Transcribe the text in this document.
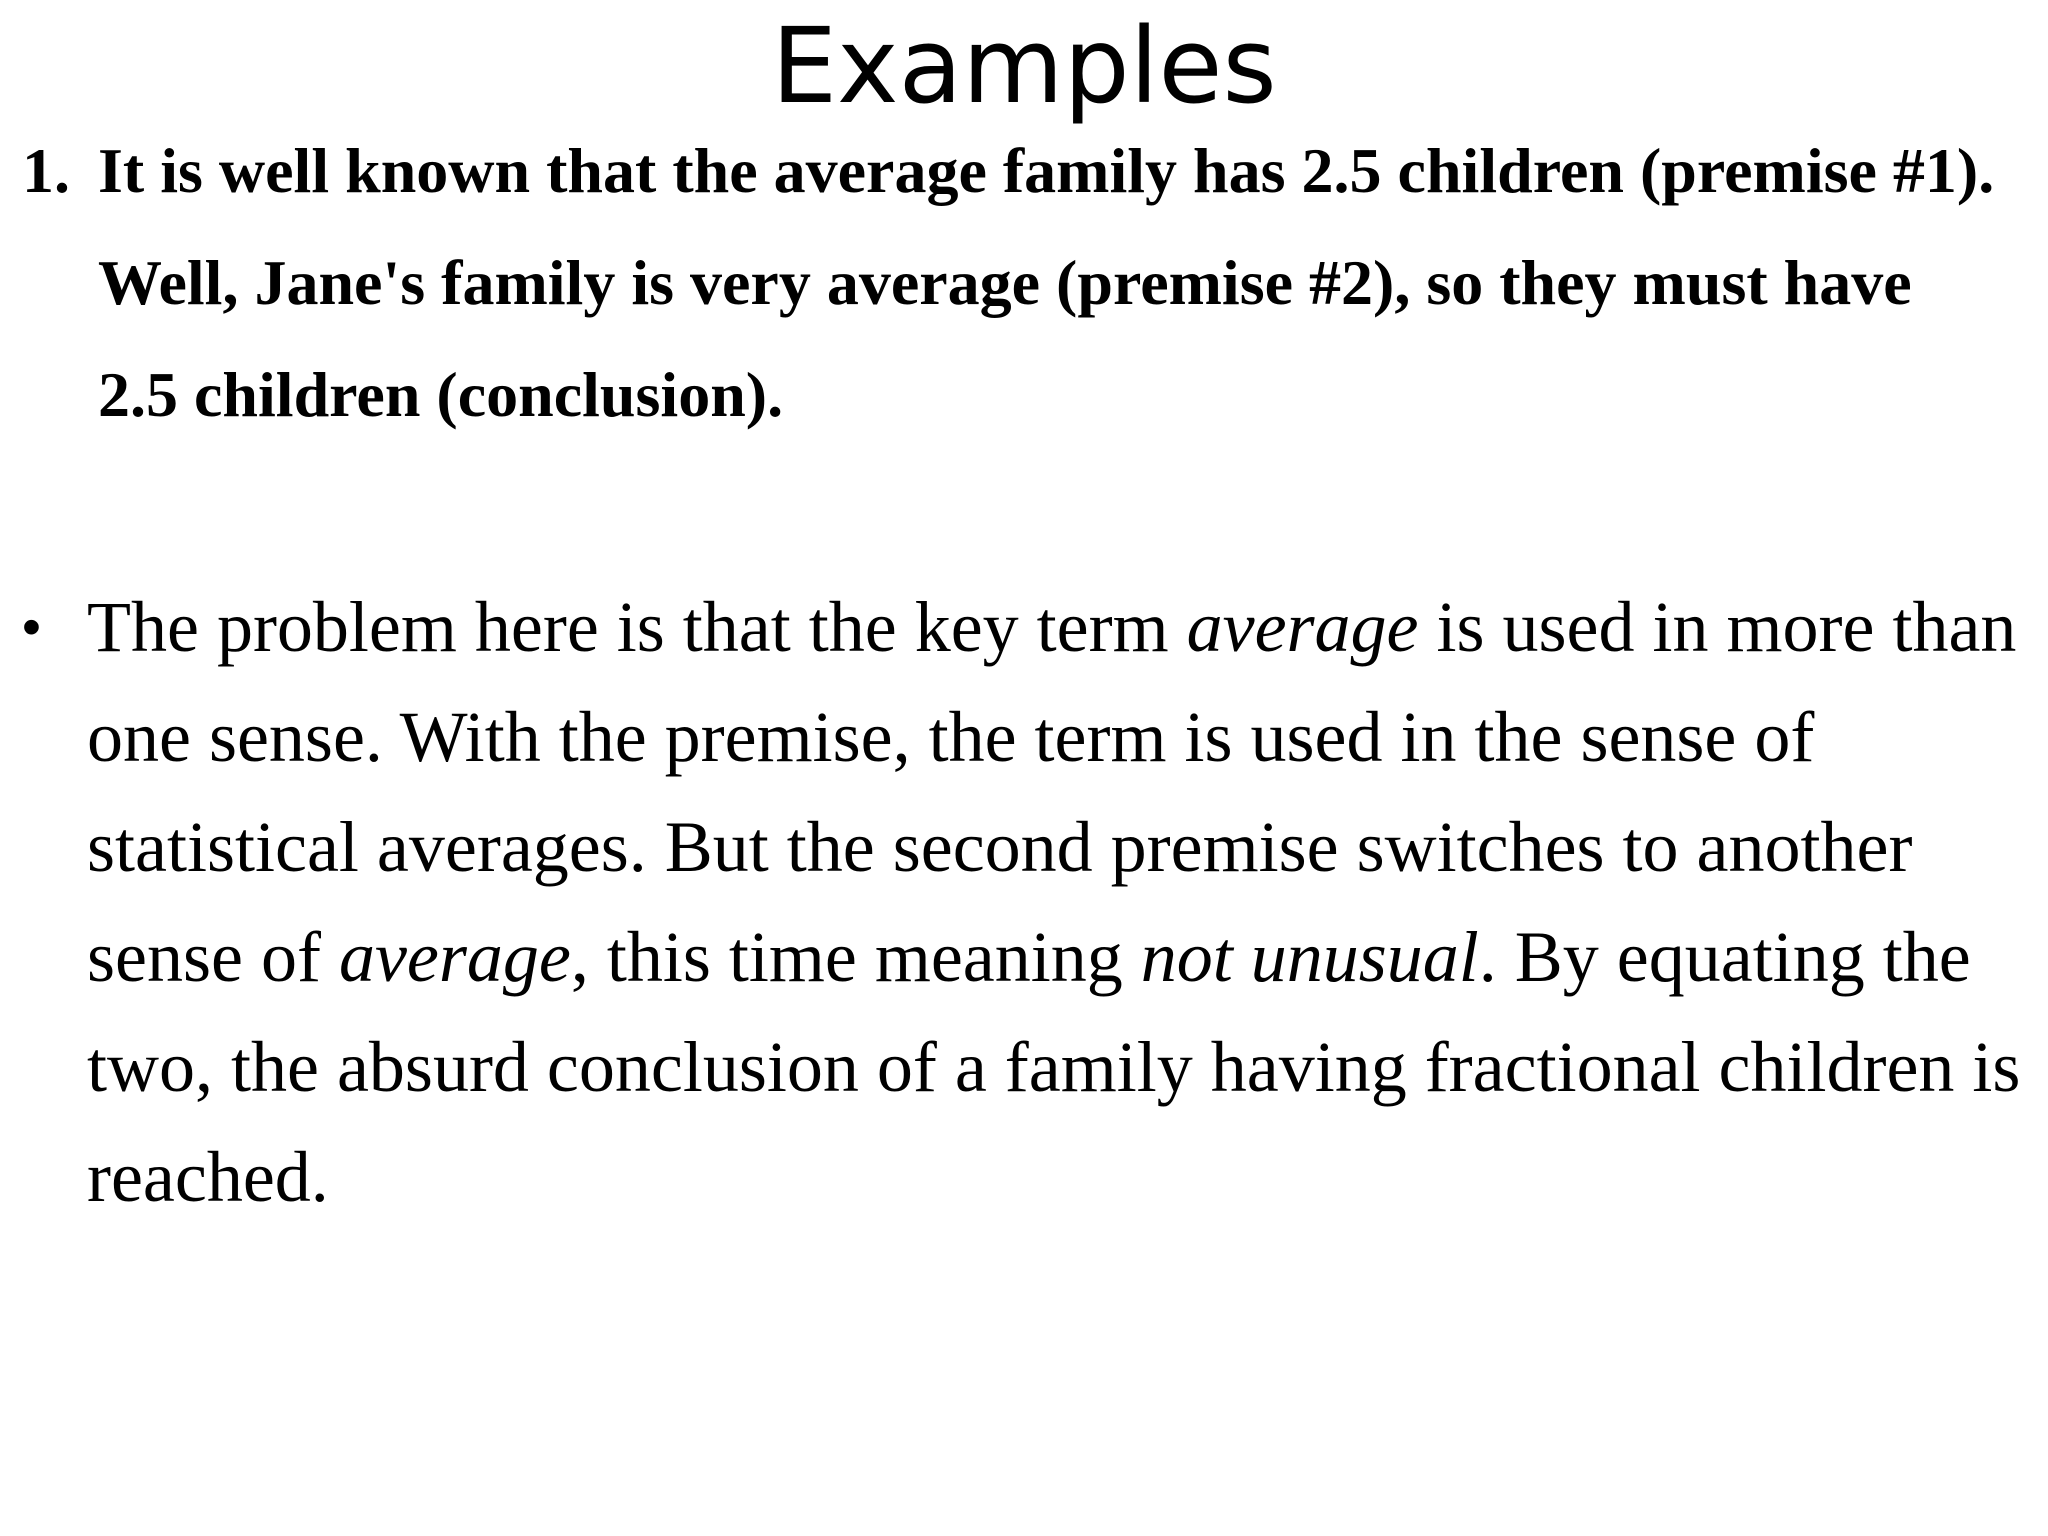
Examples
1. It is well known that the average family has 2.5 children (premise #1). Well, Jane's family is very average (premise #2), so they must have 2.5 children (conclusion).
• The problem here is that the key term average is used in more than one sense. With the premise, the term is used in the sense of statistical averages. But the second premise switches to another sense of average, this time meaning not unusual. By equating the two, the absurd conclusion of a family having fractional children is reached.
